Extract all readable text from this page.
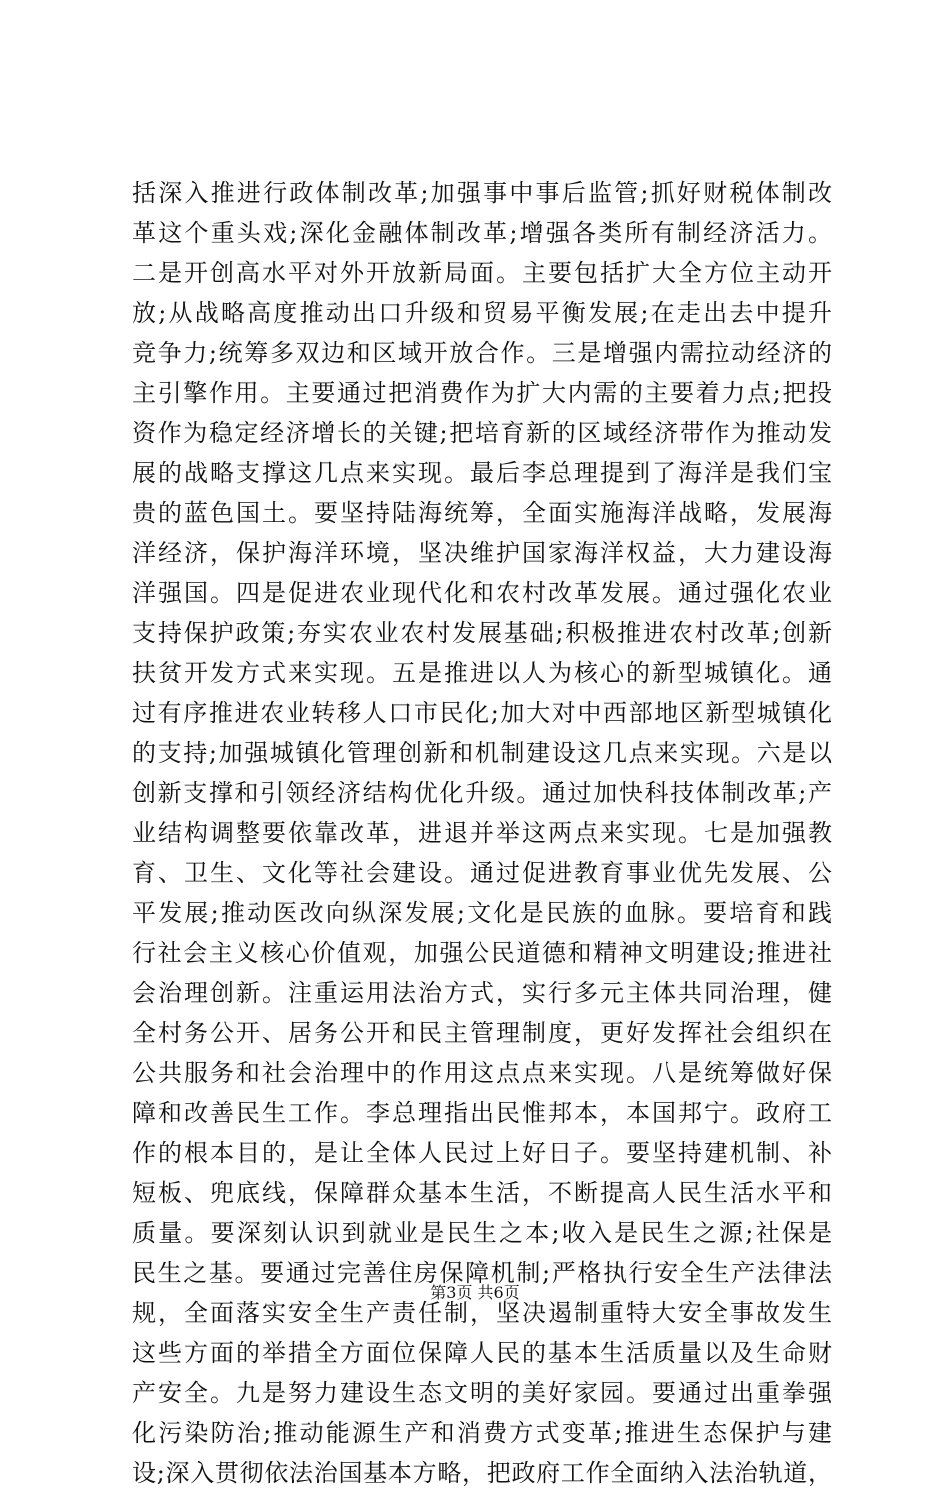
括深入推进行政体制改革;加强事中事后监管;抓好财税体制改
革这个重头戏;深化金融体制改革;增强各类所有制经济活力。
二是开创高水平对外开放新局面。主要包括扩大全方位主动开
放;从战略高度推动出口升级和贸易平衡发展;在走出去中提升
竞争力;统筹多双边和区域开放合作。三是增强内需拉动经济的
主引擎作用。主要通过把消费作为扩大内需的主要着力点;把投
资作为稳定经济增长的关键;把培育新的区域经济带作为推动发
展的战略支撑这几点来实现。最后李总理提到了海洋是我们宝
贵的蓝色国土。要坚持陆海统筹，全面实施海洋战略，发展海
洋经济，保护海洋环境，坚决维护国家海洋权益，大力建设海
洋强国。四是促进农业现代化和农村改革发展。通过强化农业
支持保护政策;夯实农业农村发展基础;积极推进农村改革;创新
扶贫开发方式来实现。五是推进以人为核心的新型城镇化。通
过有序推进农业转移人口市民化;加大对中西部地区新型城镇化
的支持;加强城镇化管理创新和机制建设这几点来实现。六是以
创新支撑和引领经济结构优化升级。通过加快科技体制改革;产
业结构调整要依靠改革，进退并举这两点来实现。七是加强教
育、卫生、文化等社会建设。通过促进教育事业优先发展、公
平发展;推动医改向纵深发展;文化是民族的血脉。要培育和践
行社会主义核心价值观，加强公民道德和精神文明建设;推进社
会治理创新。注重运用法治方式，实行多元主体共同治理，健
全村务公开、居务公开和民主管理制度，更好发挥社会组织在
公共服务和社会治理中的作用这点点来实现。八是统筹做好保
障和改善民生工作。李总理指出民惟邦本，本国邦宁。政府工
作的根本目的，是让全体人民过上好日子。要坚持建机制、补
短板、兜底线，保障群众基本生活，不断提高人民生活水平和
质量。要深刻认识到就业是民生之本;收入是民生之源;社保是
民生之基。要通过完善住房保障机制;严格执行安全生产法律法
规，全面落实安全生产责任制，坚决遏制重特大安全事故发生
这些方面的举措全方面位保障人民的基本生活质量以及生命财
产安全。九是努力建设生态文明的美好家园。要通过出重拳强
化污染防治;推动能源生产和消费方式变革;推进生态保护与建
设;深入贯彻依法治国基本方略，把政府工作全面纳入法治轨道，
第3页 共6页
